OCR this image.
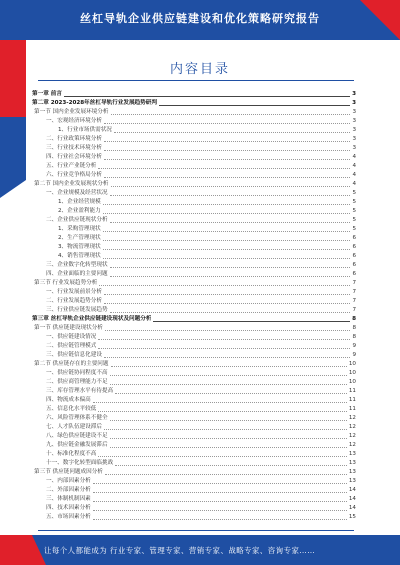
丝杠导轨企业供应链建设和优化策略研究报告
内容目录
第一章 前言	3
第二章 2023-2028年丝杠导轨行业发展趋势研判	3
第一节 国内企业发展环境分析	3
一、宏观经济环境分析	3
1、行业市场供需状况	3
二、行业政策环境分析	3
三、行业技术环境分析	3
四、行业社会环境分析	4
五、行业产业链分析	4
六、行业竞争格局分析	4
第二节 国内企业发展现状分析	4
一、企业规模及经营状况	5
1、企业经营规模	5
2、企业盈利能力	5
二、企业供应链现状分析	5
1、采购管理现状	5
2、生产管理现状	6
3、物流管理现状	6
4、销售管理现状	6
三、企业数字化转型现状	6
四、企业面临的主要问题	6
第三节 行业发展趋势分析	7
一、行业发展前景分析	7
二、行业发展趋势分析	7
三、行业供应链发展趋势	7
第三章 丝杠导轨企业供应链建设现状及问题分析	8
第一节 供应链建设现状分析	8
一、供应链建设情况	8
二、供应链管理模式	9
三、供应链信息化建设	9
第二节 供应链存在的主要问题	10
一、供应链协同程度不高	10
二、供应商管理能力不足	10
三、库存管理水平有待提高	11
四、物流成本偏高	11
五、信息化水平较低	11
六、风险管理体系不健全	12
七、人才队伍建设滞后	12
八、绿色供应链建设不足	12
九、供应链金融发展滞后	12
十、标准化程度不高	13
十一、数字化转型面临挑战	13
第三节 供应链问题成因分析	13
一、内部因素分析	13
二、外部因素分析	14
三、体制机制因素	14
四、技术因素分析	14
五、市场因素分析	15
让每个人都能成为 行业专家、管理专家、营销专家、战略专家、咨询专家……
